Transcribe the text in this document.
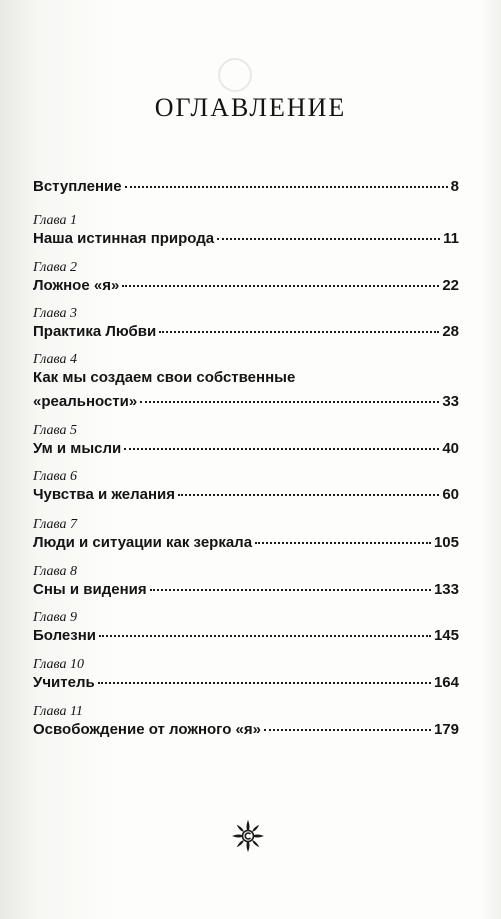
ОГЛАВЛЕНИЕ
Вступление	8
Глава 1
Наша истинная природа	11
Глава 2
Ложное «я»	22
Глава 3
Практика Любви	28
Глава 4
Как мы создаем свои собственные
«реальности»	33
Глава 5
Ум и мысли	40
Глава 6
Чувства и желания	60
Глава 7
Люди и ситуации как зеркала	105
Глава 8
Сны и видения	133
Глава 9
Болезни	145
Глава 10
Учитель	164
Глава 11
Освобождение от ложного «я»	179
